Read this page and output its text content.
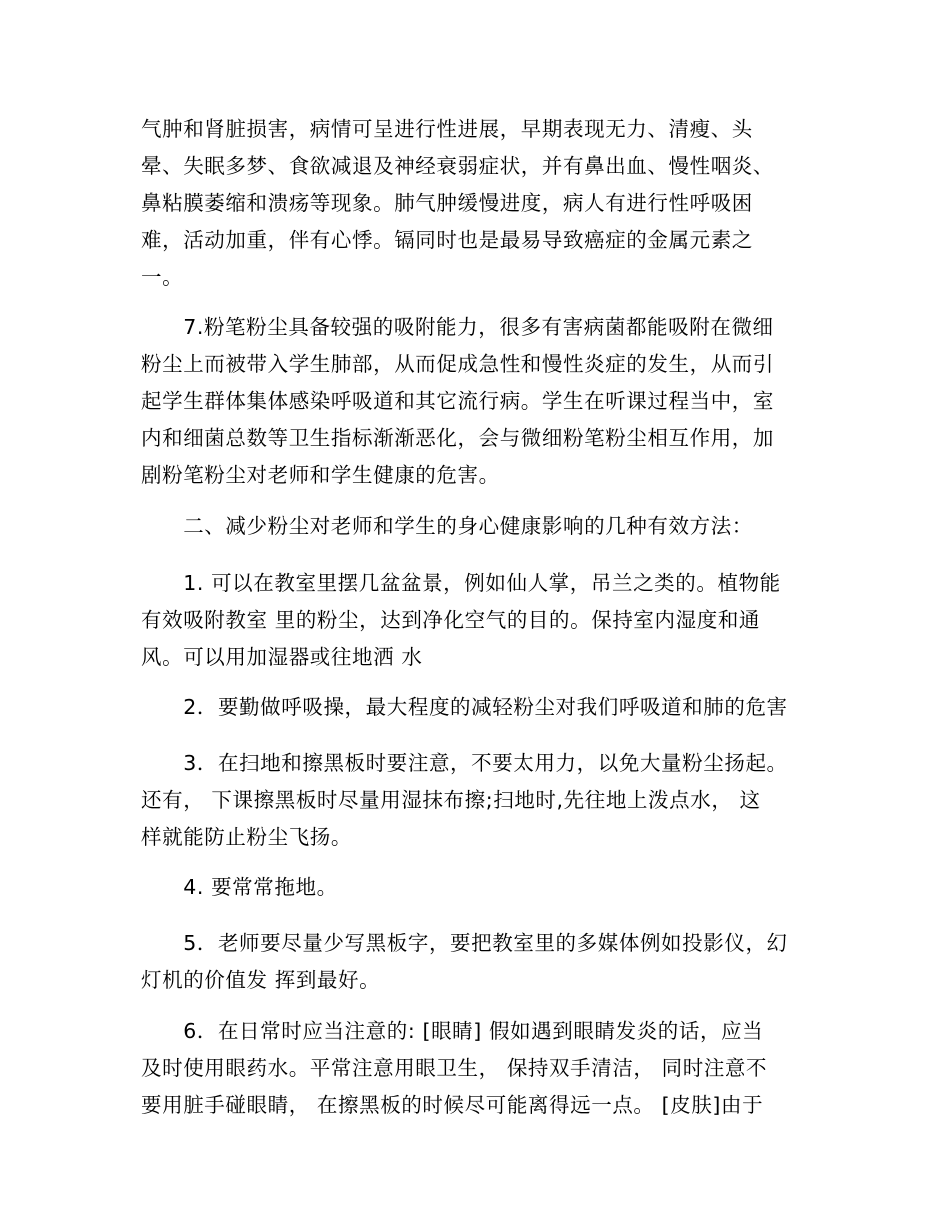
气肿和肾脏损害，病情可呈进行性进展，早期表现无力、清瘦、头
晕、失眠多梦、食欲减退及神经衰弱症状，并有鼻出血、慢性咽炎、
鼻粘膜萎缩和溃疡等现象。肺气肿缓慢进度，病人有进行性呼吸困
难，活动加重，伴有心悸。镉同时也是最易导致癌症的金属元素之
一。
　　7.粉笔粉尘具备较强的吸附能力，很多有害病菌都能吸附在微细
粉尘上而被带入学生肺部，从而促成急性和慢性炎症的发生，从而引
起学生群体集体感染呼吸道和其它流行病。学生在听课过程当中，室
内和细菌总数等卫生指标渐渐恶化，会与微细粉笔粉尘相互作用，加
剧粉笔粉尘对老师和学生健康的危害。
　　二、减少粉尘对老师和学生的身心健康影响的几种有效方法：
　　1. 可以在教室里摆几盆盆景，例如仙人掌，吊兰之类的。植物能
有效吸附教室 里的粉尘，达到净化空气的目的。保持室内湿度和通
风。可以用加湿器或往地洒 水
　　2．要勤做呼吸操，最大程度的减轻粉尘对我们呼吸道和肺的危害
　　3．在扫地和擦黑板时要注意，不要太用力，以免大量粉尘扬起。
还有， 下课擦黑板时尽量用湿抹布擦;扫地时,先往地上泼点水， 这
样就能防止粉尘飞扬。
　　4. 要常常拖地。
　　5．老师要尽量少写黑板字，要把教室里的多媒体例如投影仪，幻
灯机的价值发 挥到最好。
　　6．在日常时应当注意的: [眼睛] 假如遇到眼睛发炎的话，应当
及时使用眼药水。平常注意用眼卫生， 保持双手清洁， 同时注意不
要用脏手碰眼睛， 在擦黑板的时候尽可能离得远一点。 [皮肤]由于
